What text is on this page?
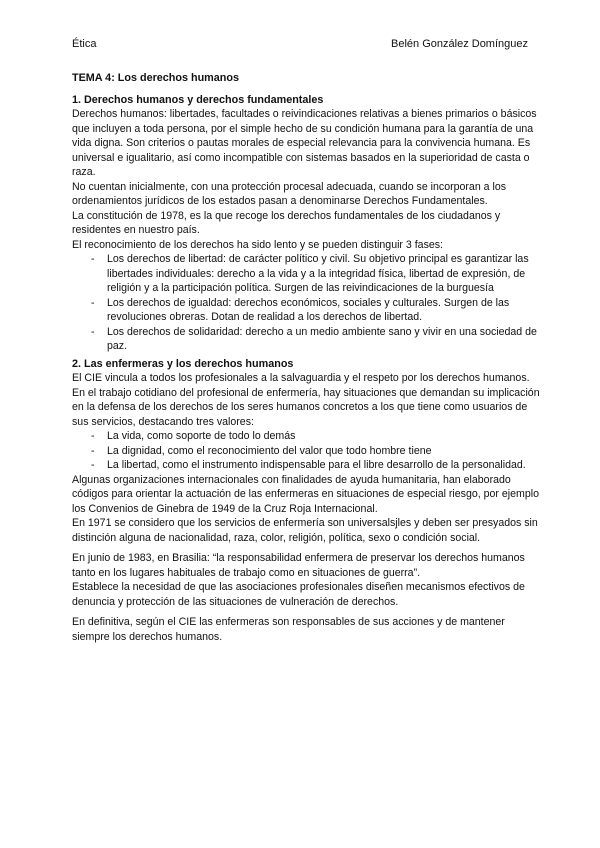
Ética	Belén González Domínguez

TEMA 4: Los derechos humanos

1. Derechos humanos y derechos fundamentales

Derechos humanos: libertades, facultades o reivindicaciones relativas a bienes primarios o básicos que incluyen a toda persona, por el simple hecho de su condición humana para la garantía de una vida digna. Son criterios o pautas morales de especial relevancia para la convivencia humana. Es universal e igualitario, así como incompatible con sistemas basados en la superioridad de casta o raza.

No cuentan inicialmente, con una protección procesal adecuada, cuando se incorporan a los ordenamientos jurídicos de los estados pasan a denominarse Derechos Fundamentales.

La constitución de 1978, es la que recoge los derechos fundamentales de los ciudadanos y residentes en nuestro país.

El reconocimiento de los derechos ha sido lento y se pueden distinguir 3 fases:

- Los derechos de libertad: de carácter político y civil. Su objetivo principal es garantizar las libertades individuales: derecho a la vida y a la integridad física, libertad de expresión, de religión y a la participación política. Surgen de las reivindicaciones de la burguesía
- Los derechos de igualdad: derechos económicos, sociales y culturales. Surgen de las revoluciones obreras. Dotan de realidad a los derechos de libertad.
- Los derechos de solidaridad: derecho a un medio ambiente sano y vivir en una sociedad de paz.

2. Las enfermeras y los derechos humanos

El CIE vincula a todos los profesionales a la salvaguardia y el respeto por los derechos humanos.

En el trabajo cotidiano del profesional de enfermería, hay situaciones que demandan su implicación en la defensa de los derechos de los seres humanos concretos a los que tiene como usuarios de sus servicios, destacando tres valores:

- La vida, como soporte de todo lo demás
- La dignidad, como el reconocimiento del valor que todo hombre tiene
- La libertad, como el instrumento indispensable para el libre desarrollo de la personalidad.

Algunas organizaciones internacionales con finalidades de ayuda humanitaria, han elaborado códigos para orientar la actuación de las enfermeras en situaciones de especial riesgo, por ejemplo los Convenios de Ginebra de 1949 de la Cruz Roja Internacional.

En 1971 se considero que los servicios de enfermería son universalsjles y deben ser presyados sin distinción alguna de nacionalidad, raza, color, religión, política, sexo o condición social.

En junio de 1983, en Brasilia: “la responsabilidad enfermera de preservar los derechos humanos tanto en los lugares habituales de trabajo como en situaciones de guerra”.

Establece la necesidad de que las asociaciones profesionales diseñen mecanismos efectivos de denuncia y protección de las situaciones de vulneración de derechos.

En definitiva, según el CIE las enfermeras son responsables de sus acciones y de mantener siempre los derechos humanos.
